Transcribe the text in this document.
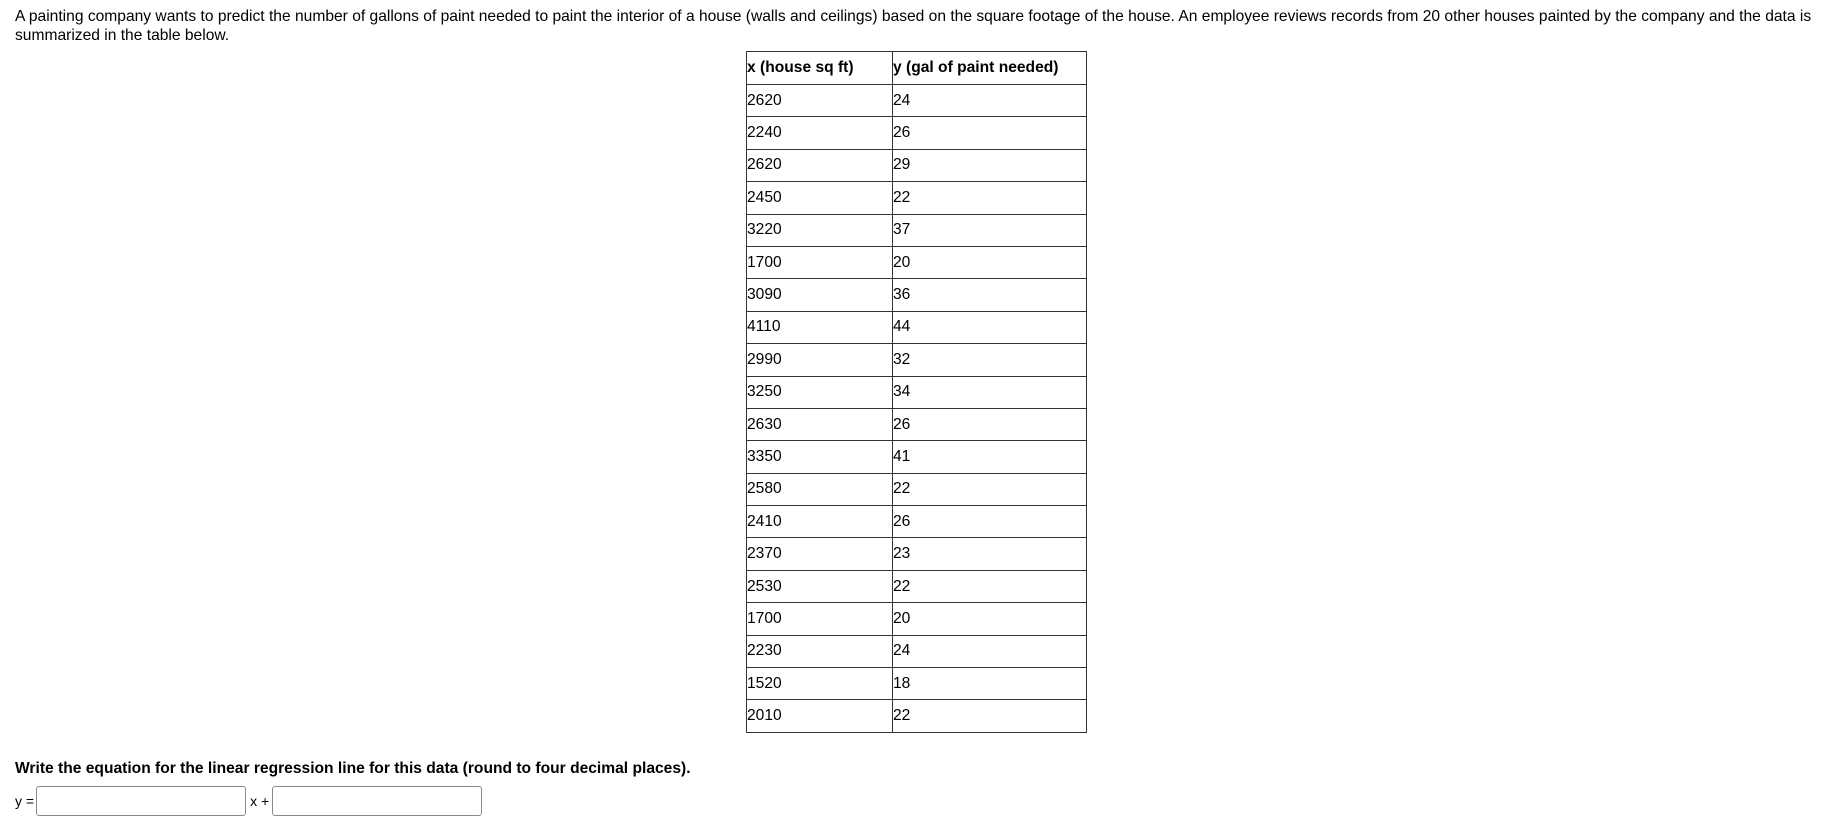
A painting company wants to predict the number of gallons of paint needed to paint the interior of a house (walls and ceilings) based on the square footage of the house. An employee reviews records from 20 other houses painted by the company and the data is summarized in the table below.

x (house sq ft)	y (gal of paint needed)
2620	24
2240	26
2620	29
2450	22
3220	37
1700	20
3090	36
4110	44
2990	32
3250	34
2630	26
3350	41
2580	22
2410	26
2370	23
2530	22
1700	20
2230	24
1520	18
2010	22

Write the equation for the linear regression line for this data (round to four decimal places).

y =	x +
